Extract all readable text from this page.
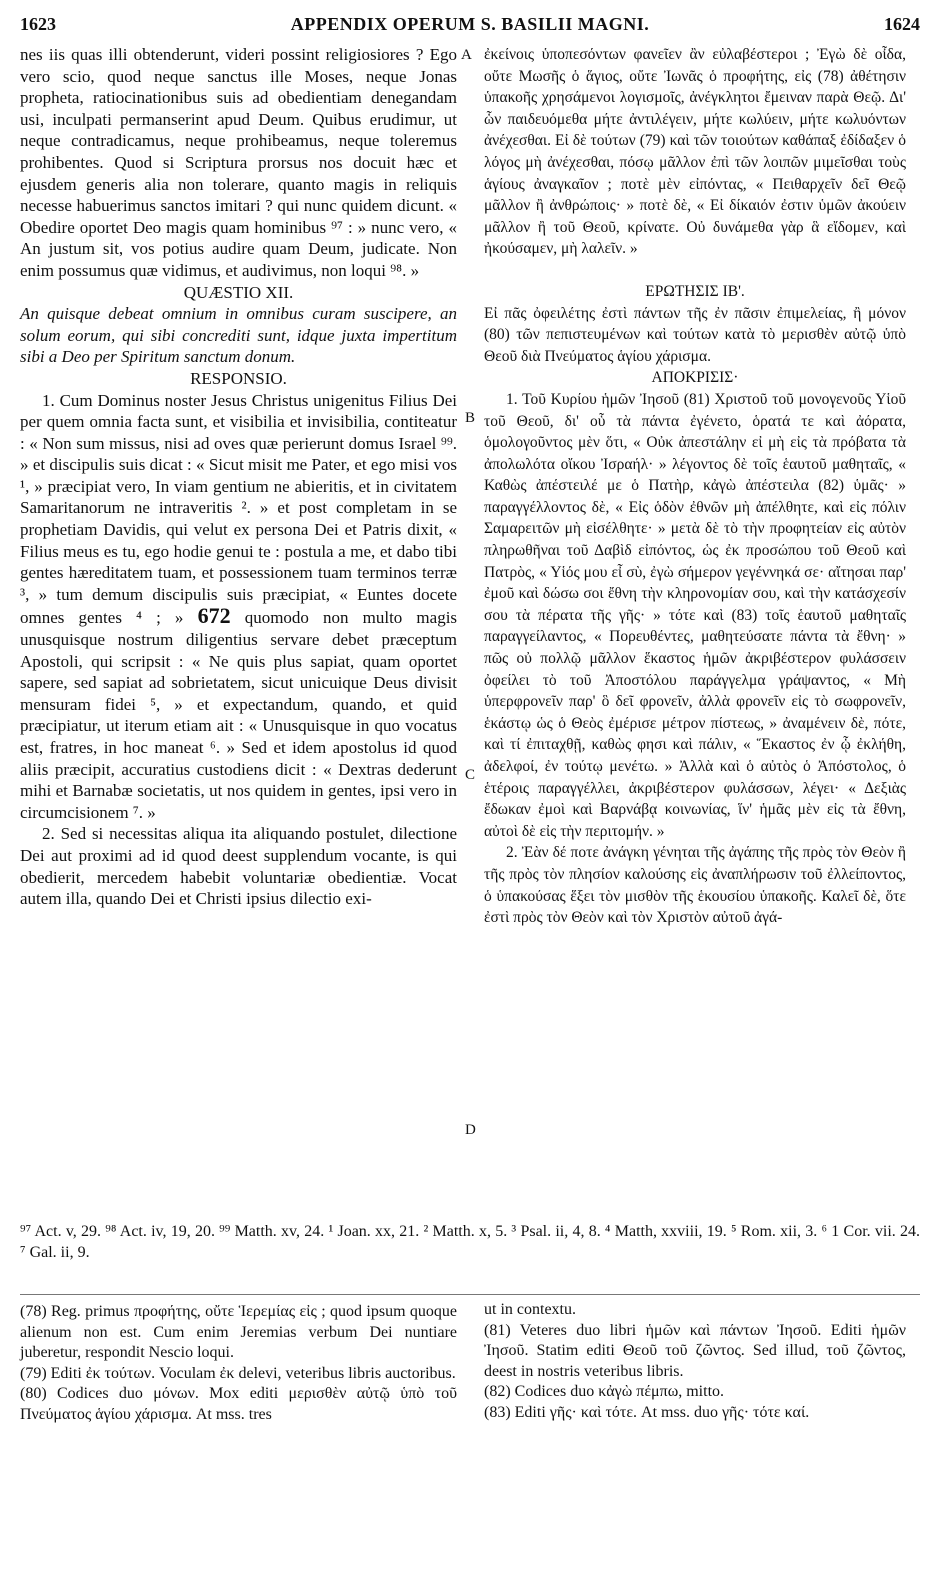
1623	APPENDIX OPERUM S. BASILII MAGNI.	1624
A
B
C
D

nes iis quas illi obtenderunt, videri possint religiosiores ? Ego vero scio, quod neque sanctus ille Moses, neque Jonas propheta, ratiocinationibus suis ad obedientiam denegandam usi, inculpati permanserint apud Deum. Quibus erudimur, ut neque contradicamus, neque prohibeamus, neque toleremus prohibentes. Quod si Scriptura prorsus nos docuit hæc et ejusdem generis alia non tolerare, quanto magis in reliquis necesse habuerimus sanctos imitari ? qui nunc quidem dicunt. « Obedire oportet Deo magis quam hominibus ⁹⁷ : » nunc vero, « An justum sit, vos potius audire quam Deum, judicate. Non enim possumus quæ vidimus, et audivimus, non loqui ⁹⁸. »

QUÆSTIO XII.

An quisque debeat omnium in omnibus curam suscipere, an solum eorum, qui sibi concrediti sunt, idque juxta impertitum sibi a Deo per Spiritum sanctum donum.

RESPONSIO.

1. Cum Dominus noster Jesus Christus unigenitus Filius Dei per quem omnia facta sunt, et visibilia et invisibilia, contiteatur : « Non sum missus, nisi ad oves quæ perierunt domus Israel ⁹⁹. » et discipulis suis dicat : « Sicut misit me Pater, et ego misi vos ¹, » præcipiat vero, In viam gentium ne abieritis, et in civitatem Samaritanorum ne intraveritis ². » et post completam in se prophetiam Davidis, qui velut ex persona Dei et Patris dixit, « Filius meus es tu, ego hodie genui te : postula a me, et dabo tibi gentes hæreditatem tuam, et possessionem tuam terminos terræ ³, » tum demum discipulis suis præcipiat, « Euntes docete omnes gentes ⁴ ; » 672 quomodo non multo magis unusquisque nostrum diligentius servare debet præceptum Apostoli, qui scripsit : « Ne quis plus sapiat, quam oportet sapere, sed sapiat ad sobrietatem, sicut unicuique Deus divisit mensuram fidei ⁵, » et expectandum, quando, et quid præcipiatur, ut iterum etiam ait : « Unusquisque in quo vocatus est, fratres, in hoc maneat ⁶. » Sed et idem apostolus id quod aliis præcipit, accuratius custodiens dicit : « Dextras dederunt mihi et Barnabæ societatis, ut nos quidem in gentes, ipsi vero in circumcisionem ⁷. »

2. Sed si necessitas aliqua ita aliquando postulet, dilectione Dei aut proximi ad id quod deest supplendum vocante, is qui obedierit, mercedem habebit voluntariæ obedientiæ. Vocat autem illa, quando Dei et Christi ipsius dilectio exi-

ἐκείνοις ὑποπεσόντων φανεῖεν ἂν εὐλαβέστεροι ; Ἐγὼ δὲ οἶδα, οὔτε Μωσῆς ὁ ἅγιος, οὔτε Ἰωνᾶς ὁ προφήτης, εἰς (78) ἀθέτησιν ὑπακοῆς χρησάμενοι λογισμοῖς, ἀνέγκλητοι ἔμειναν παρὰ Θεῷ. Δι' ὧν παιδευόμεθα μήτε ἀντιλέγειν, μήτε κωλύειν, μήτε κωλυόντων ἀνέχεσθαι. Εἰ δὲ τούτων (79) καὶ τῶν τοιούτων καθάπαξ ἐδίδαξεν ὁ λόγος μὴ ἀνέχεσθαι, πόσῳ μᾶλλον ἐπὶ τῶν λοιπῶν μιμεῖσθαι τοὺς ἁγίους ἀναγκαῖον ; ποτὲ μὲν εἰπόντας, « Πειθαρχεῖν δεῖ Θεῷ μᾶλλον ἢ ἀνθρώποις· » ποτὲ δὲ, « Εἰ δίκαιόν ἐστιν ὑμῶν ἀκούειν μᾶλλον ἢ τοῦ Θεοῦ, κρίνατε. Οὐ δυνάμεθα γὰρ ἃ εἴδομεν, καὶ ἠκούσαμεν, μὴ λαλεῖν. »

ΕΡΩΤΗΣΙΣ ΙΒ'.

Εἰ πᾶς ὀφειλέτης ἐστὶ πάντων τῆς ἐν πᾶσιν ἐπιμελείας, ἢ μόνον (80) τῶν πεπιστευμένων καὶ τούτων κατὰ τὸ μερισθὲν αὐτῷ ὑπὸ Θεοῦ διὰ Πνεύματος ἁγίου χάρισμα.

ΑΠΟΚΡΙΣΙΣ·

1. Τοῦ Κυρίου ἡμῶν Ἰησοῦ (81) Χριστοῦ τοῦ μονογενοῦς Υἱοῦ τοῦ Θεοῦ, δι' οὗ τὰ πάντα ἐγένετο, ὁρατά τε καὶ ἀόρατα, ὁμολογοῦντος μὲν ὅτι, « Οὐκ ἀπεστάλην εἰ μὴ εἰς τὰ πρόβατα τὰ ἀπολωλότα οἴκου Ἰσραήλ· » λέγοντος δὲ τοῖς ἑαυτοῦ μαθηταῖς, « Καθὼς ἀπέστειλέ με ὁ Πατὴρ, κἀγὼ ἀπέστειλα (82) ὑμᾶς· » παραγγέλλοντος δὲ, « Εἰς ὁδὸν ἐθνῶν μὴ ἀπέλθητε, καὶ εἰς πόλιν Σαμαρειτῶν μὴ εἰσέλθητε· » μετὰ δὲ τὸ τὴν προφητείαν εἰς αὐτὸν πληρωθῆναι τοῦ Δαβὶδ εἰπόντος, ὡς ἐκ προσώπου τοῦ Θεοῦ καὶ Πατρὸς, « Υἱός μου εἶ σὺ, ἐγὼ σήμερον γεγέννηκά σε· αἴτησαι παρ' ἐμοῦ καὶ δώσω σοι ἔθνη τὴν κληρονομίαν σου, καὶ τὴν κατάσχεσίν σου τὰ πέρατα τῆς γῆς· » τότε καὶ (83) τοῖς ἑαυτοῦ μαθηταῖς παραγγείλαντος, « Πορευθέντες, μαθητεύσατε πάντα τὰ ἔθνη· » πῶς οὐ πολλῷ μᾶλλον ἕκαστος ἡμῶν ἀκριβέστερον φυλάσσειν ὀφείλει τὸ τοῦ Ἀποστόλου παράγγελμα γράψαντος, « Μὴ ὑπερφρονεῖν παρ' ὃ δεῖ φρονεῖν, ἀλλὰ φρονεῖν εἰς τὸ σωφρονεῖν, ἑκάστῳ ὡς ὁ Θεὸς ἐμέρισε μέτρον πίστεως, » ἀναμένειν δὲ, πότε, καὶ τί ἐπιταχθῇ, καθὼς φησι καὶ πάλιν, « Ἕκαστος ἐν ᾧ ἐκλήθη, ἀδελφοί, ἐν τούτῳ μενέτω. » Ἀλλὰ καὶ ὁ αὐτὸς ὁ Ἀπόστολος, ὁ ἑτέροις παραγγέλλει, ἀκριβέστερον φυλάσσων, λέγει· « Δεξιὰς ἔδωκαν ἐμοὶ καὶ Βαρνάβᾳ κοινωνίας, ἵν' ἡμᾶς μὲν εἰς τὰ ἔθνη, αὐτοὶ δὲ εἰς τὴν περιτομήν. »

2. Ἐὰν δέ ποτε ἀνάγκη γένηται τῆς ἀγάπης τῆς πρὸς τὸν Θεὸν ἢ τῆς πρὸς τὸν πλησίον καλούσης εἰς ἀναπλήρωσιν τοῦ ἐλλείποντος, ὁ ὑπακούσας ἕξει τὸν μισθὸν τῆς ἑκουσίου ὑπακοῆς. Καλεῖ δὲ, ὅτε ἐστὶ πρὸς τὸν Θεὸν καὶ τὸν Χριστὸν αὐτοῦ ἀγά-

⁹⁷ Act. v, 29. ⁹⁸ Act. iv, 19, 20. ⁹⁹ Matth. xv, 24. ¹ Joan. xx, 21. ² Matth. x, 5. ³ Psal. ii, 4, 8. ⁴ Matth, xxviii, 19. ⁵ Rom. xii, 3. ⁶ 1 Cor. vii. 24. ⁷ Gal. ii, 9.

(78) Reg. primus προφήτης, οὔτε Ἱερεμίας εἰς ; quod ipsum quoque alienum non est. Cum enim Jeremias verbum Dei nuntiare juberetur, respondit Nescio loqui.

(79) Editi ἐκ τούτων. Voculam ἐκ delevi, veteribus libris auctoribus.

(80) Codices duo μόνων. Mox editi μερισθὲν αὐτῷ ὑπὸ τοῦ Πνεύματος ἁγίου χάρισμα. At mss. tres

ut in contextu.

(81) Veteres duo libri ἡμῶν καὶ πάντων Ἰησοῦ. Editi ἡμῶν Ἰησοῦ. Statim editi Θεοῦ τοῦ ζῶντος. Sed illud, τοῦ ζῶντος, deest in nostris veteribus libris.

(82) Codices duo κἀγὼ πέμπω, mitto.

(83) Editi γῆς· καὶ τότε. At mss. duo γῆς· τότε καί.
